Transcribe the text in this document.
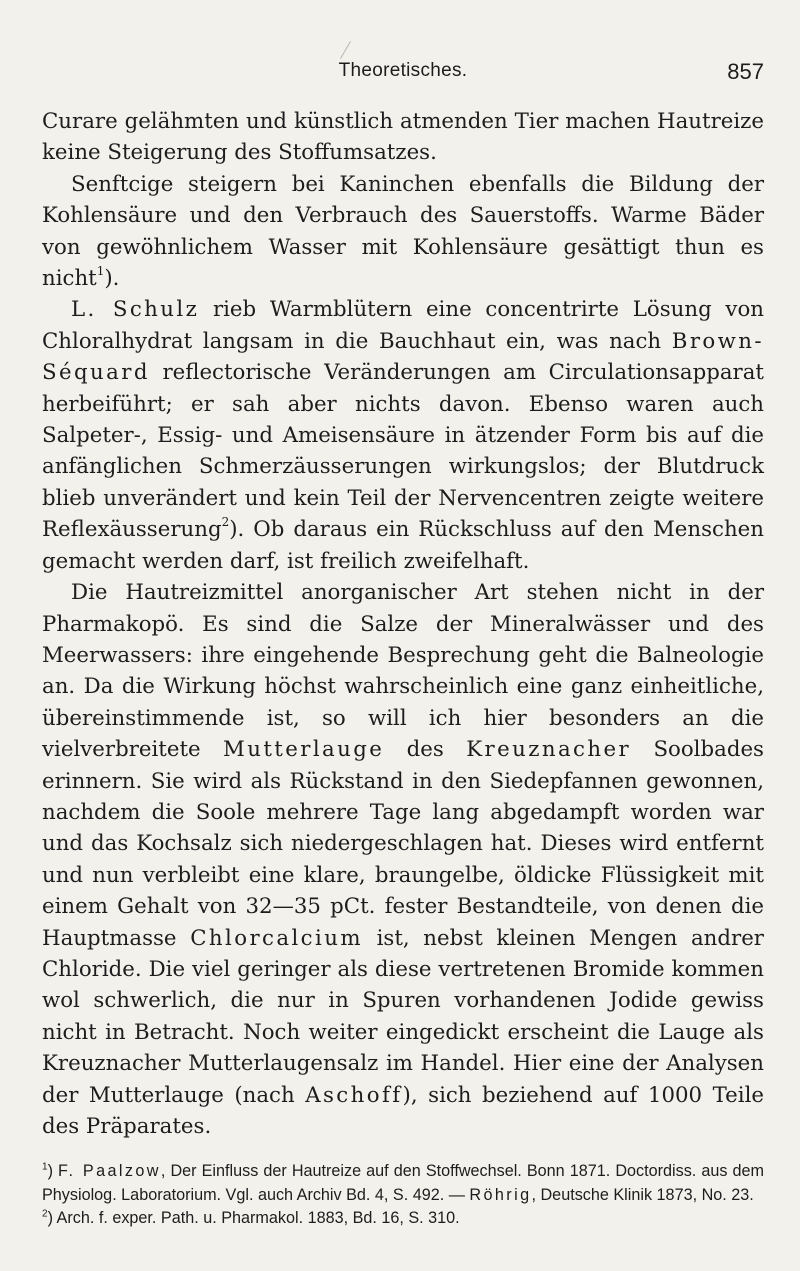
Theoretisches.	857

Curare gelähmten und künstlich atmenden Tier machen Hautreize keine Steigerung des Stoffumsatzes.

Senftcige steigern bei Kaninchen ebenfalls die Bildung der Kohlensäure und den Verbrauch des Sauerstoffs. Warme Bäder von gewöhnlichem Wasser mit Kohlensäure gesättigt thun es nicht$^1$).

L. Schulz rieb Warmblütern eine concentrirte Lösung von Chloralhydrat langsam in die Bauchhaut ein, was nach Brown-Séquard reflectorische Veränderungen am Circulationsapparat herbeiführt; er sah aber nichts davon. Ebenso waren auch Salpeter-, Essig- und Ameisensäure in ätzender Form bis auf die anfänglichen Schmerzäusserungen wirkungslos; der Blutdruck blieb unverändert und kein Teil der Nervencentren zeigte weitere Reflexäusserung$^2$). Ob daraus ein Rückschluss auf den Menschen gemacht werden darf, ist freilich zweifelhaft.

Die Hautreizmittel anorganischer Art stehen nicht in der Pharmakopö. Es sind die Salze der Mineralwässer und des Meerwassers: ihre eingehende Besprechung geht die Balneologie an. Da die Wirkung höchst wahrscheinlich eine ganz einheitliche, übereinstimmende ist, so will ich hier besonders an die vielverbreitete Mutterlauge des Kreuznacher Soolbades erinnern. Sie wird als Rückstand in den Siedepfannen gewonnen, nachdem die Soole mehrere Tage lang abgedampft worden war und das Kochsalz sich niedergeschlagen hat. Dieses wird entfernt und nun verbleibt eine klare, braungelbe, öldicke Flüssigkeit mit einem Gehalt von 32—35 pCt. fester Bestandteile, von denen die Hauptmasse Chlorcalcium ist, nebst kleinen Mengen andrer Chloride. Die viel geringer als diese vertretenen Bromide kommen wol schwerlich, die nur in Spuren vorhandenen Jodide gewiss nicht in Betracht. Noch weiter eingedickt erscheint die Lauge als Kreuznacher Mutterlaugensalz im Handel. Hier eine der Analysen der Mutterlauge (nach Aschoff), sich beziehend auf 1000 Teile des Präparates.

$^1$) F. Paalzow, Der Einfluss der Hautreize auf den Stoffwechsel. Bonn 1871. Doctordiss. aus dem Physiolog. Laboratorium. Vgl. auch Archiv Bd. 4, S. 492. — Röhrig, Deutsche Klinik 1873, No. 23.

$^2$) Arch. f. exper. Path. u. Pharmakol. 1883, Bd. 16, S. 310.
